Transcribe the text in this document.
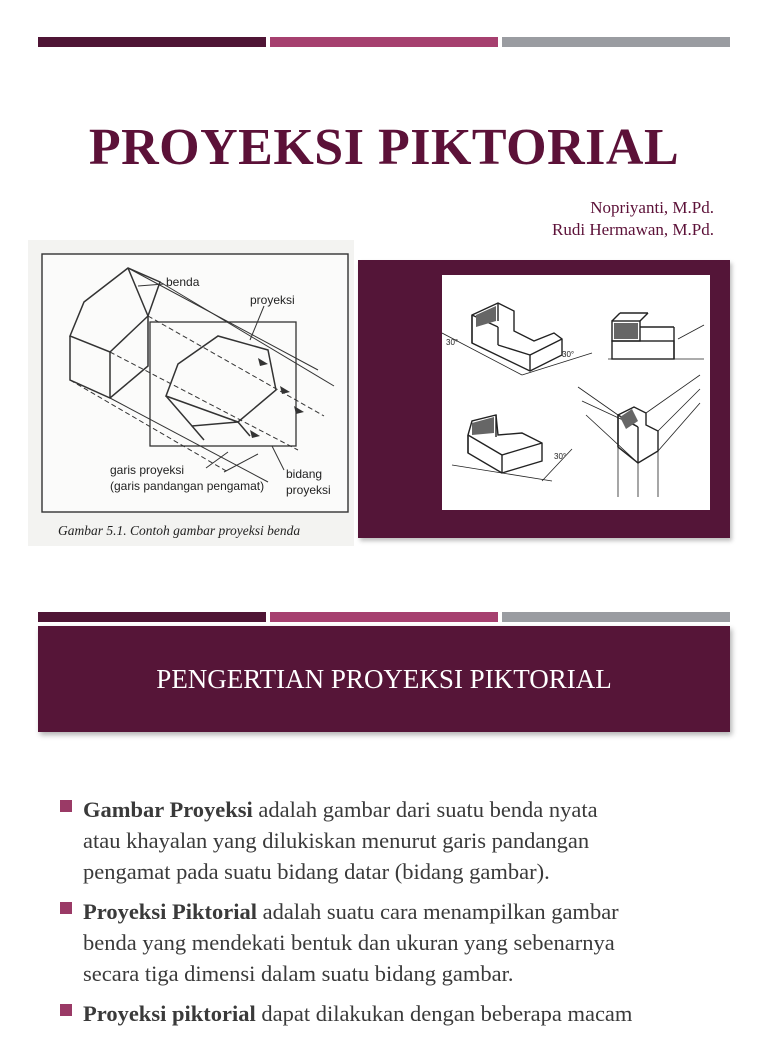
PROYEKSI PIKTORIAL
Nopriyanti, M.Pd.
Rudi Hermawan, M.Pd.
benda
proyeksi
garis proyeksi
(garis pandangan pengamat)
bidang
proyeksi
Gambar 5.1. Contoh gambar proyeksi benda
30°
30°
30°
PENGERTIAN PROYEKSI PIKTORIAL
Gambar Proyeksi adalah gambar dari suatu benda nyata
atau khayalan yang dilukiskan menurut garis pandangan
pengamat pada suatu bidang datar (bidang gambar).
Proyeksi Piktorial adalah suatu cara menampilkan gambar
benda yang mendekati bentuk dan ukuran yang sebenarnya
secara tiga dimensi dalam suatu bidang gambar.
Proyeksi piktorial dapat dilakukan dengan beberapa macam
